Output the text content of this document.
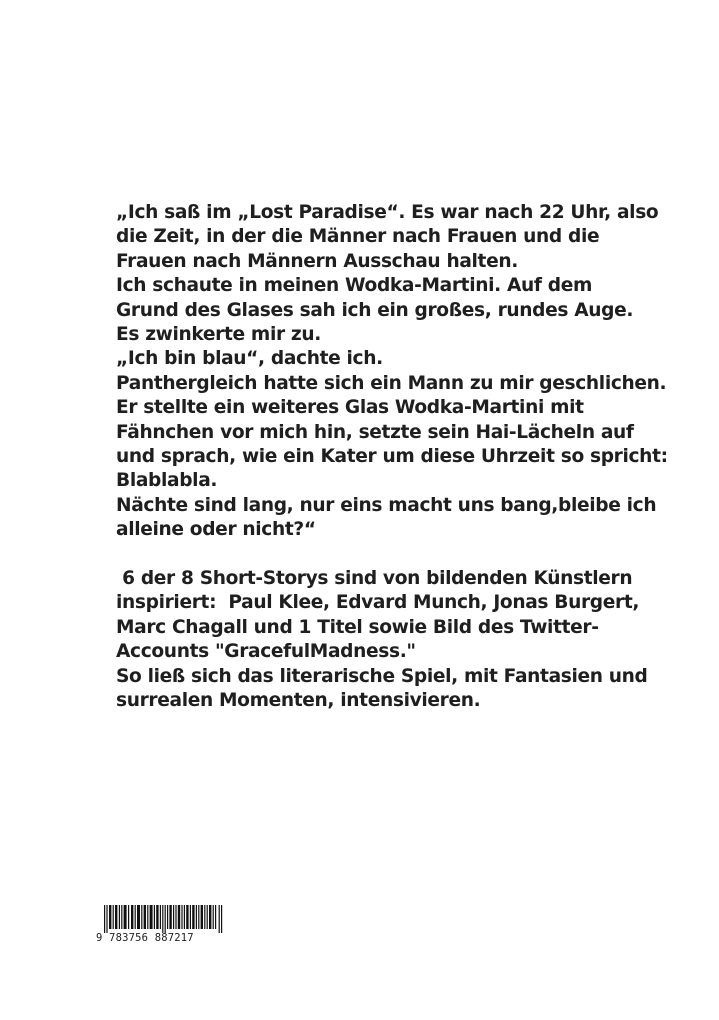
„Ich saß im „Lost Paradise“. Es war nach 22 Uhr, also
die Zeit, in der die Männer nach Frauen und die
Frauen nach Männern Ausschau halten.
Ich schaute in meinen Wodka-Martini. Auf dem
Grund des Glases sah ich ein großes, rundes Auge.
Es zwinkerte mir zu.
„Ich bin blau“, dachte ich.
Panthergleich hatte sich ein Mann zu mir geschlichen.
Er stellte ein weiteres Glas Wodka-Martini mit
Fähnchen vor mich hin, setzte sein Hai-Lächeln auf
und sprach, wie ein Kater um diese Uhrzeit so spricht:
Blablabla.
Nächte sind lang, nur eins macht uns bang,bleibe ich
alleine oder nicht?“
6 der 8 Short-Storys sind von bildenden Künstlern
inspiriert:  Paul Klee, Edvard Munch, Jonas Burgert,
Marc Chagall und 1 Titel sowie Bild des Twitter-
Accounts "GracefulMadness."
So ließ sich das literarische Spiel, mit Fantasien und
surrealen Momenten, intensivieren.
9 783756 887217
